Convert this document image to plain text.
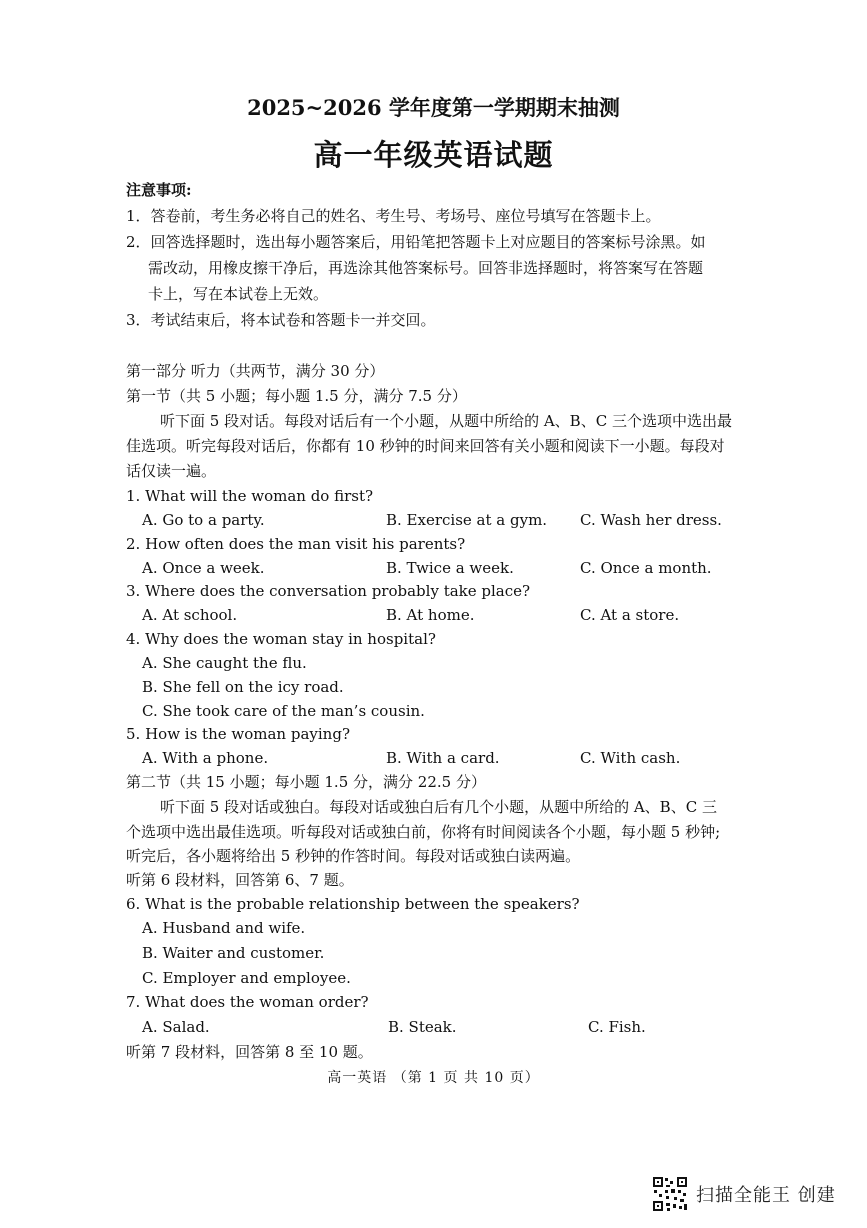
2025~2026 学年度第一学期期末抽测
高一年级英语试题
注意事项:
1．答卷前，考生务必将自己的姓名、考生号、考场号、座位号填写在答题卡上。
2．回答选择题时，选出每小题答案后，用铅笔把答题卡上对应题目的答案标号涂黑。如
需改动，用橡皮擦干净后，再选涂其他答案标号。回答非选择题时，将答案写在答题
卡上，写在本试卷上无效。
3．考试结束后，将本试卷和答题卡一并交回。
第一部分 听力（共两节，满分 30 分）
第一节（共 5 小题；每小题 1.5 分，满分 7.5 分）
听下面 5 段对话。每段对话后有一个小题，从题中所给的 A、B、C 三个选项中选出最
佳选项。听完每段对话后，你都有 10 秒钟的时间来回答有关小题和阅读下一小题。每段对
话仅读一遍。
1. What will the woman do first?
A. Go to a party.	B. Exercise at a gym. C. Wash her dress.
2. How often does the man visit his parents?
A. Once a week.	B. Twice a week.	C. Once a month.
3. Where does the conversation probably take place?
A. At school.	B. At home.	C. At a store.
4. Why does the woman stay in hospital?
A. She caught the flu.
B. She fell on the icy road.
C. She took care of the man’s cousin.
5. How is the woman paying?
A. With a phone.	B. With a card.	C. With cash.
第二节（共 15 小题；每小题 1.5 分，满分 22.5 分）
听下面 5 段对话或独白。每段对话或独白后有几个小题，从题中所给的 A、B、C 三
个选项中选出最佳选项。听每段对话或独白前，你将有时间阅读各个小题，每小题 5 秒钟;
听完后，各小题将给出 5 秒钟的作答时间。每段对话或独白读两遍。
听第 6 段材料，回答第 6、7 题。
6. What is the probable relationship between the speakers?
A. Husband and wife.
B. Waiter and customer.
C. Employer and employee.
7. What does the woman order?
A. Salad.	B. Steak.	C. Fish.
听第 7 段材料，回答第 8 至 10 题。
高一英语 （第 1 页 共 10 页）
扫描全能王 创建
